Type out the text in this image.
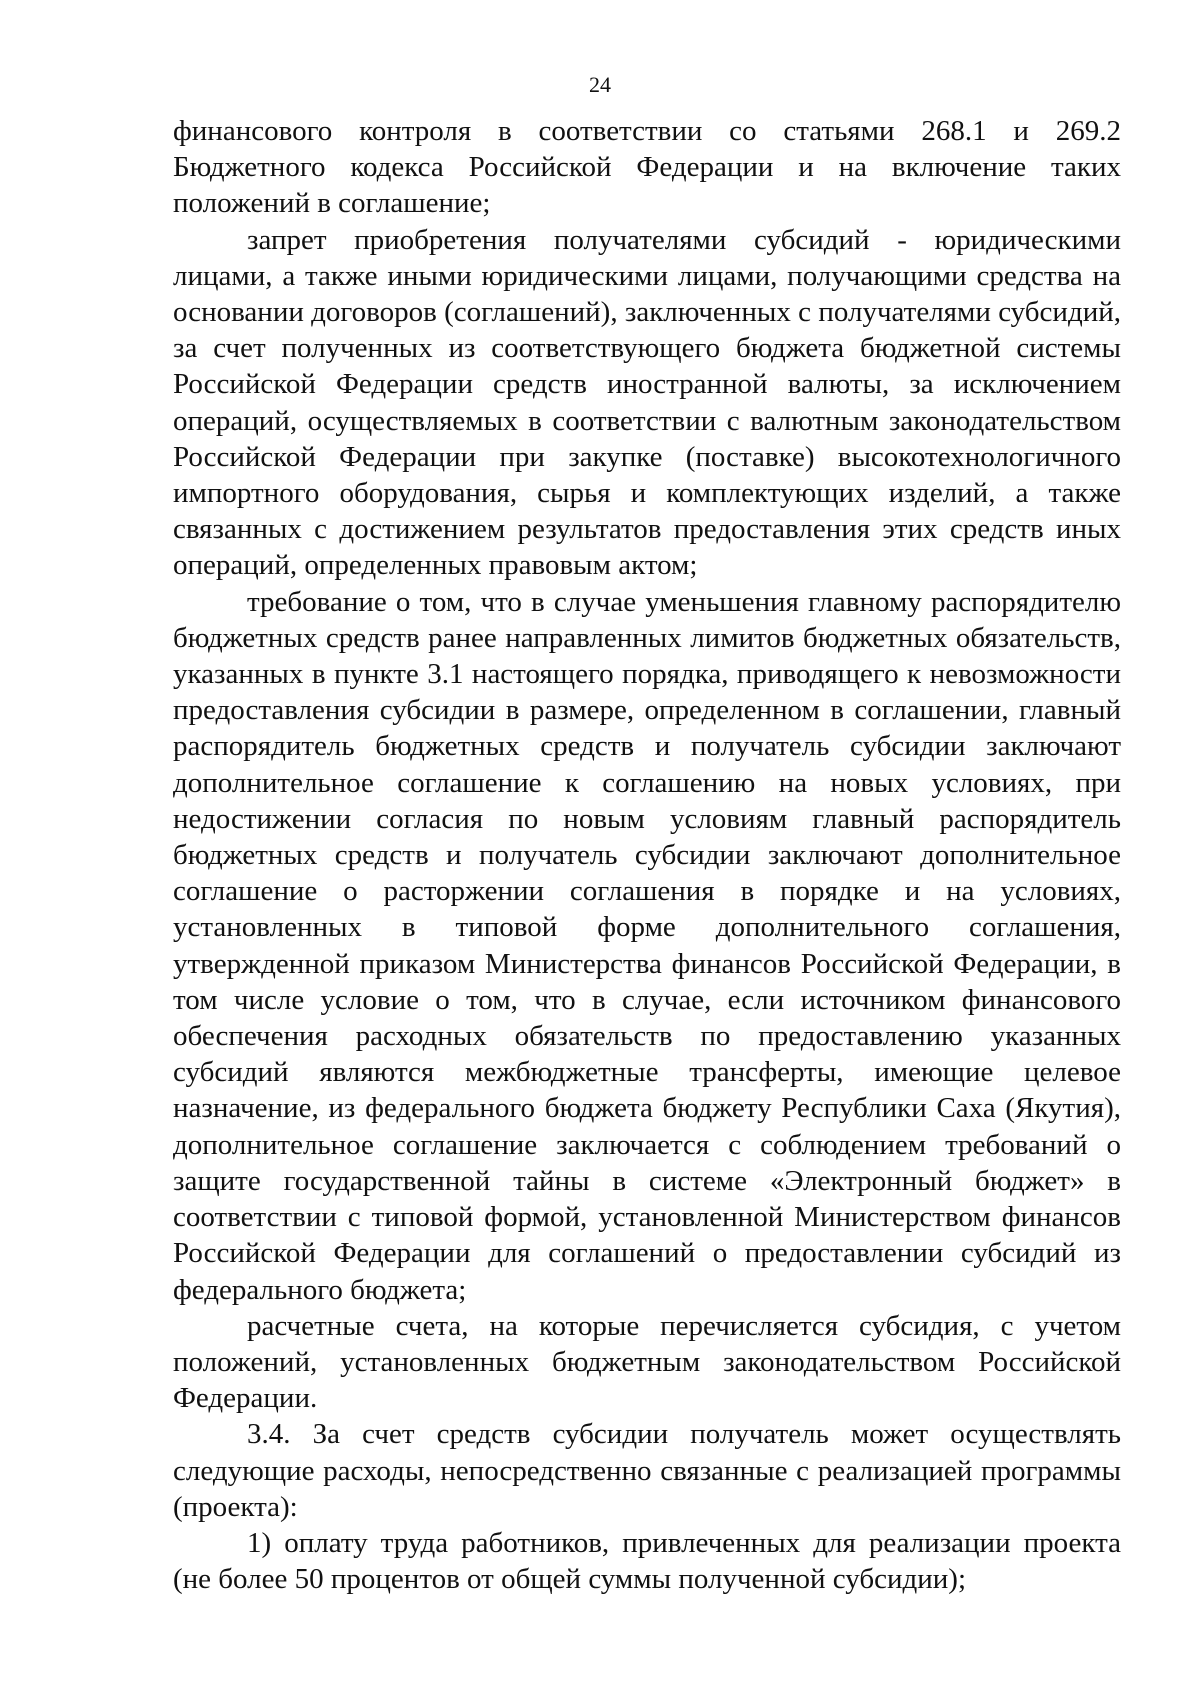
24

финансового контроля в соответствии со статьями 268.1 и 269.2 Бюджетного кодекса Российской Федерации и на включение таких положений в соглашение;

запрет приобретения получателями субсидий - юридическими лицами, а также иными юридическими лицами, получающими средства на основании договоров (соглашений), заключенных с получателями субсидий, за счет полученных из соответствующего бюджета бюджетной системы Российской Федерации средств иностранной валюты, за исключением операций, осуществляемых в соответствии с валютным законодательством Российской Федерации при закупке (поставке) высокотехнологичного импортного оборудования, сырья и комплектующих изделий, а также связанных с достижением результатов предоставления этих средств иных операций, определенных правовым актом;

требование о том, что в случае уменьшения главному распорядителю бюджетных средств ранее направленных лимитов бюджетных обязательств, указанных в пункте 3.1 настоящего порядка, приводящего к невозможности предоставления субсидии в размере, определенном в соглашении, главный распорядитель бюджетных средств и получатель субсидии заключают дополнительное соглашение к соглашению на новых условиях, при недостижении согласия по новым условиям главный распорядитель бюджетных средств и получатель субсидии заключают дополнительное соглашение о расторжении соглашения в порядке и на условиях, установленных в типовой форме дополнительного соглашения, утвержденной приказом Министерства финансов Российской Федерации, в том числе условие о том, что в случае, если источником финансового обеспечения расходных обязательств по предоставлению указанных субсидий являются межбюджетные трансферты, имеющие целевое назначение, из федерального бюджета бюджету Республики Саха (Якутия), дополнительное соглашение заключается с соблюдением требований о защите государственной тайны в системе «Электронный бюджет» в соответствии с типовой формой, установленной Министерством финансов Российской Федерации для соглашений о предоставлении субсидий из федерального бюджета;

расчетные счета, на которые перечисляется субсидия, с учетом положений, установленных бюджетным законодательством Российской Федерации.

3.4. За счет средств субсидии получатель может осуществлять следующие расходы, непосредственно связанные с реализацией программы (проекта):

1) оплату труда работников, привлеченных для реализации проекта (не более 50 процентов от общей суммы полученной субсидии);
